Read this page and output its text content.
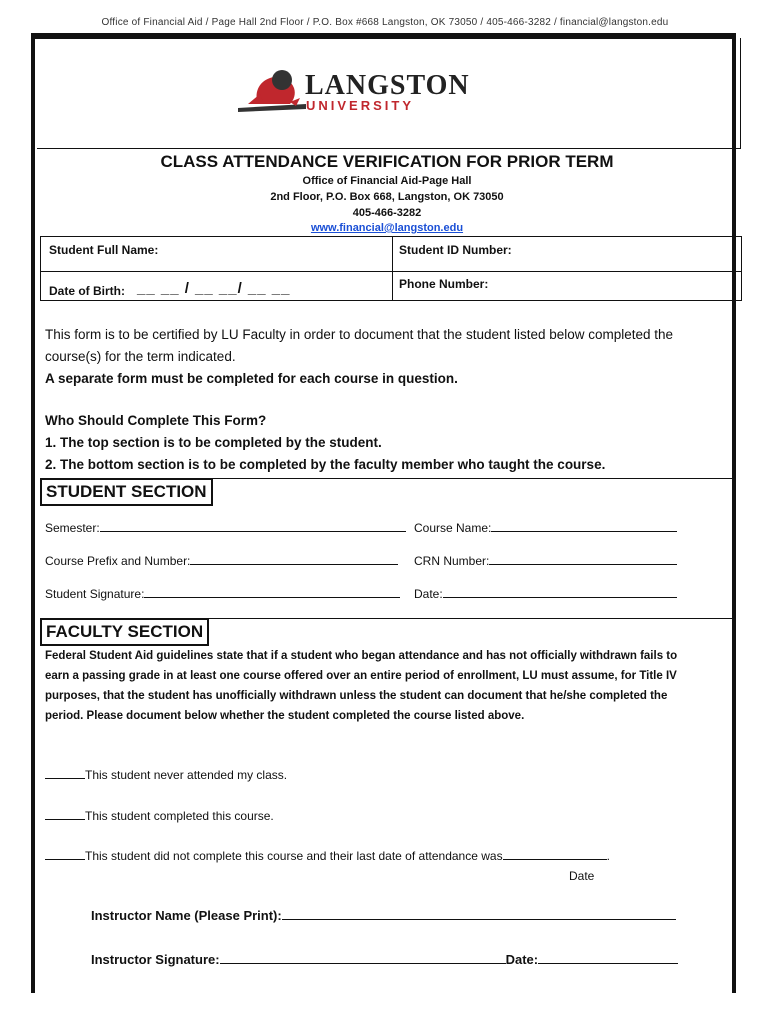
Office of Financial Aid / Page Hall 2nd Floor / P.O. Box #668 Langston, OK 73050 / 405-466-3282 / financial@langston.edu
LANGSTON
UNIVERSITY
CLASS ATTENDANCE VERIFICATION FOR PRIOR TERM
Office of Financial Aid-Page Hall
2nd Floor, P.O. Box 668, Langston, OK 73050
405-466-3282
www.financial@langston.edu
Student Full Name:	Student ID Number:
Date of Birth: __ __ / __ __/ __ __	Phone Number:
This form is to be certified by LU Faculty in order to document that the student listed below completed the course(s) for the term indicated.
A separate form must be completed for each course in question.
Who Should Complete This Form?
1. The top section is to be completed by the student.
2. The bottom section is to be completed by the faculty member who taught the course.
STUDENT SECTION
Semester:	Course Name:
Course Prefix and Number:	CRN Number:
Student Signature:	Date:
FACULTY SECTION
Federal Student Aid guidelines state that if a student who began attendance and has not officially withdrawn fails to earn a passing grade in at least one course offered over an entire period of enrollment, LU must assume, for Title IV purposes, that the student has unofficially withdrawn unless the student can document that he/she completed the period. Please document below whether the student completed the course listed above.
This student never attended my class.
This student completed this course.
This student did not complete this course and their last date of attendance was	.
Date
Instructor Name (Please Print):
Instructor Signature:	Date:
